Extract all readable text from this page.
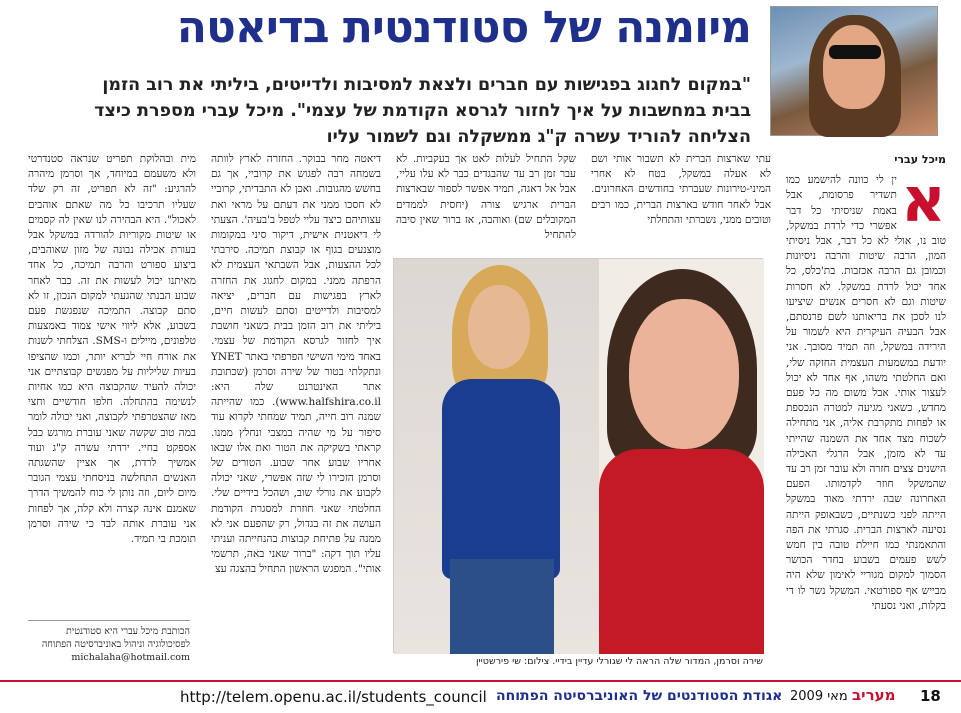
מיומנה של סטודנטית בדיאטה

"במקום לחגוג בפגישות עם חברים ולצאת למסיבות ולדייטים, ביליתי את רוב הזמן בבית במחשבות על איך לחזור לגרסא הקודמת של עצמי". מיכל עברי מספרת כיצד הצליחה להוריד עשרה ק"ג ממשקלה וגם לשמור עליו

מיכל עברי
א
ין לי כוונה להישמע כמו תשדיר פרסומת, אבל באמת שניסיתי כל דבר אפשרי כדי לרדת במשקל, טוב נו, אולי לא כל דבר, אבל ניסיתי המון, הרבה שיטות והרבה ניסיונות וכמובן גם הרבה אכזבות. בת'כלס, כל אחד יכול לרדת במשקל. לא חסרות שיטות וגם לא חסרים אנשים שיציעו לנו לסכן את בריאותנו לשם פרנסתם, אבל הבעיה העיקרית היא לשמור על הירידה במשקל, וזה תמיד מסובך. אני יודעת במשמעות העצמית החזקה שלי, ואם החלטתי משהו, אף אחד לא יכול לעצור אותי. אבל משום מה כל פעם מחדש, כשאני מגיעה למטרה הנכספת או לפחות מתקרבת אליה, אני מתחילה לשכוח מצד אחד את השמנה שהייתי עד לא מזמן, אבל הרגלי האכילה הישנים צצים חזרה ולא עובר זמן רב עד שהמשקל חוזר לקדמותו. הפעם האחרונה שבה ירדתי מאוד במשקל הייתה לפני כשנתיים, כשבאופק הייתה נסיעה לארצות הברית. סגרתי את הפה והתאמנתי כמו חיילת טובה בין חמש לשש פעמים בשבוע בחדר הכושר הסמוך למקום מגוריי לאימון שלא היה מבייש אף ספורטאי. המשקל נשר לו די בקלות, ואני נסעתי
עתי שארצות הברית לא תשבור אותי ושם לא אעלה במשקל, בטח לא אחרי המיני-טירונות שעברתי בחודשים האחרונים. אבל לאחר חודש בארצות הברית, כמו רבים וטובים ממני, נשברתי והתחלתי
שקל התחיל לעלות לאט אך בעקביות. לא עבר זמן רב עד שהבגדים כבר לא עלו עליי, אבל אל דאגה, תמיד אפשר לספור שבארצות הברית ארגיש צורה (יחסית לממדים המקובלים שם) ואוהבה, אז ברור שאין סיבה להתחיל
דיאטה מחר בבוקר. החזרה לארץ לוותה בשמחה רבה לפגוש את קרוביי, אך גם בחשש מהגובות. ואכן לא התבדיתי, קרוביי לא חסכו ממני את דעתם על מראי ואת עצותיהם כיצד עליי לטפל ב'בעיה'. הצעתי לי דיאטנית אישית, דיקור סיני במקומות מוצנעים בגוף או קבוצת תמיכה. סירבתי לכל ההצעות, אבל השבתאי העצמית לא הרפתה ממני. במקום לחגוג את החזרה לארץ בפגישות עם חברים, יציאה למסיבות ולדייטים וסתם לעשות חיים, ביליתי את רוב הזמן בבית כשאני חושבת איך לחזור לגרסא הקודמת של עצמי. באחד מימי השישי הפרפתי באתר YNET ונתקלתי בטור של שירה וסרמן (שכתובת אתר האינטרנט שלה היא: www.halfshira.co.il). כמו שהייתה שמנה רוב חייה, תמיד שמחתי לקרוא עוד סיפור על מי שהיה במצבי ונחלץ ממנו. קראתי בשקיקה את הטור ואת אלו שבאו אחריו שבוע אחר שבוע. הטורים של וסרמן הזכירו לי שזה אפשרי, שאני יכולה לקבוע את גורלי שוב, ושהכל בידיים שלי. החלטתי שאני חוזרת למסגרת הקודמת העושה את זה בגדול, רק שהפעם אני לא ממנה על פתיחת קבוצות בהנחייתה ועניתי עליו תוך דקה: "ברור שאני באה, תרשמי אותי". המפגש הראשון התחיל בהצגה עצ
מית ובהלוקת תפריט שנראה סטנדרטי ולא משעמם במיוחד, אך וסרמן מיהרה להרגיע: "זה לא תפריט, זה רק שלד שעליו תרכיבו כל מה שאתם אוהבים לאכול". היא הבהירה לנו שאין לה קסמים או שיטות מקוריות להורדה במשקל אבל בעורת אכילה נבונה של מזון שאוהבים, ביצוע ספורט והרבה תמיכה, כל אחד מאיתנו יכול לעשות את זה. כבר לאחר שבוע הבנתי שהגעתי למקום הנכון, זו לא סתם קבוצה. התמיכה שנפגשת פעם בשבוע, אלא ליווי אישי צמוד באמצעות טלפונים, מיילים ו-SMS. הצלחתי לשנות את אורח חיי לבריא יותר, וכמו שהציפו בעיות שליליות על מפגשים קבוצתיים אני יכולה להעיד שהקבוצה היא כמו אחיות לנשימה בהתחלה. חלפו חודשיים וחצי מאז שהצטרפתי לקבוצה, ואני יכולה לומר במה טוב שקשה שאני עוברת מורגש כבל אספקט בחיי. ירדתי עשרה ק"ג ועוד אמשיך לרדת, אך אציין שהשגתה האנשים התחלשה בניסחתי עצמי הגובר מיום ליום, וזה נותן לי כוח להמשיך הדרך שאמנם אינה קצרה ולא קלה, אך לפחות אני עוברת אותה לבד כי שירה וסרמן תומכת בי תמיד.
שירה וסרמן, המדור שלה הראה לי שגורלי עדיין בידיי. צילום: שי פירשטיין
הכותבת מיכל עברי היא סטודנטית
לפסיכולוגיה וניהול באוניברסיטה הפתוחה
michalaha@hotmail.com
http://telem.openu.ac.il/students_council אגודת הסטודנטים של האוניברסיטה הפתוחה מאי 2009 מעריב 18
